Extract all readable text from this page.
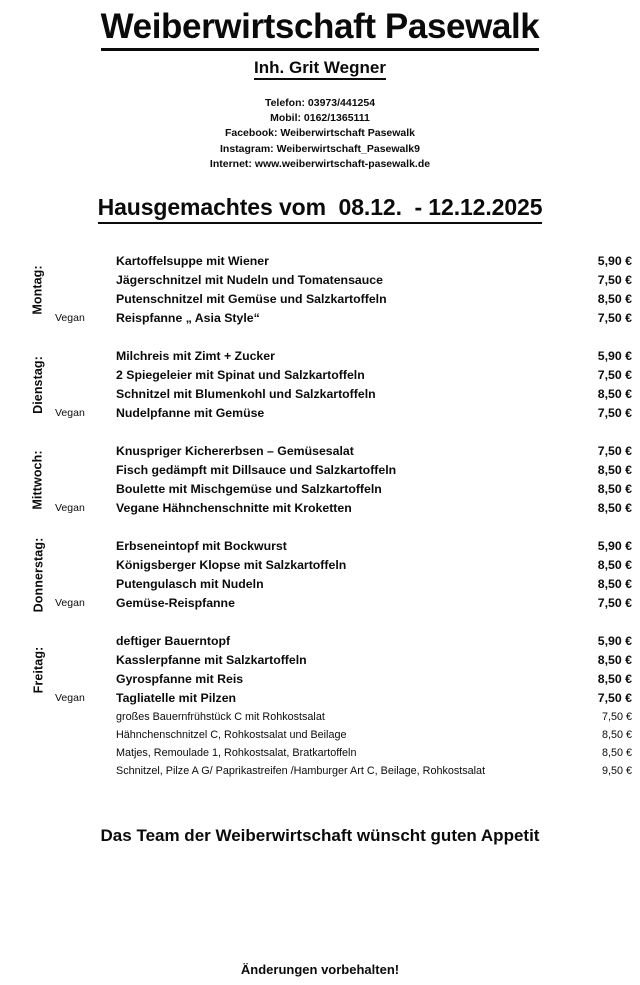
Weiberwirtschaft Pasewalk
Inh. Grit Wegner
Telefon: 03973/441254
Mobil: 0162/1365111
Facebook: Weiberwirtschaft Pasewalk
Instagram: Weiberwirtschaft_Pasewalk9
Internet: www.weiberwirtschaft-pasewalk.de
Hausgemachtes vom  08.12.  - 12.12.2025
Montag:
Kartoffelsuppe mit Wiener	5,90 €
Jägerschnitzel mit Nudeln und Tomatensauce	7,50 €
Putenschnitzel mit Gemüse und Salzkartoffeln	8,50 €
Vegan	Reispfanne „ Asia Style“	7,50 €
Dienstag:
Milchreis mit Zimt + Zucker	5,90 €
2 Spiegeleier mit Spinat und Salzkartoffeln	7,50 €
Schnitzel mit Blumenkohl und Salzkartoffeln	8,50 €
Vegan	Nudelpfanne mit Gemüse	7,50 €
Mittwoch:	Knuspriger Kichererbsen – Gemüsesalat	7,50 €
Fisch gedämpft mit Dillsauce und Salzkartoffeln	8,50 €
Boulette mit Mischgemüse und Salzkartoffeln	8,50 €
Vegan	Vegane Hähnchenschnitte mit Kroketten	8,50 €
Donnerstag:	Erbseneintopf mit Bockwurst	5,90 €
Königsberger Klopse mit Salzkartoffeln	8,50 €
Putengulasch mit Nudeln	8,50 €
Vegan	Gemüse-Reispfanne	7,50 €
Freitag:
deftiger Bauerntopf	5,90 €
Kasslerpfanne mit Salzkartoffeln	8,50 €
Gyrospfanne mit Reis	8,50 €
Vegan	Tagliatelle mit Pilzen	7,50 €
großes Bauernfrühstück C mit Rohkostsalat	7,50 €
Hähnchenschnitzel C, Rohkostsalat und Beilage	8,50 €
Matjes, Remoulade 1, Rohkostsalat, Bratkartoffeln	8,50 €
Schnitzel, Pilze A G/ Paprikastreifen /Hamburger Art C, Beilage, Rohkostsalat	9,50 €
Das Team der Weiberwirtschaft wünscht guten Appetit
Änderungen vorbehalten!
